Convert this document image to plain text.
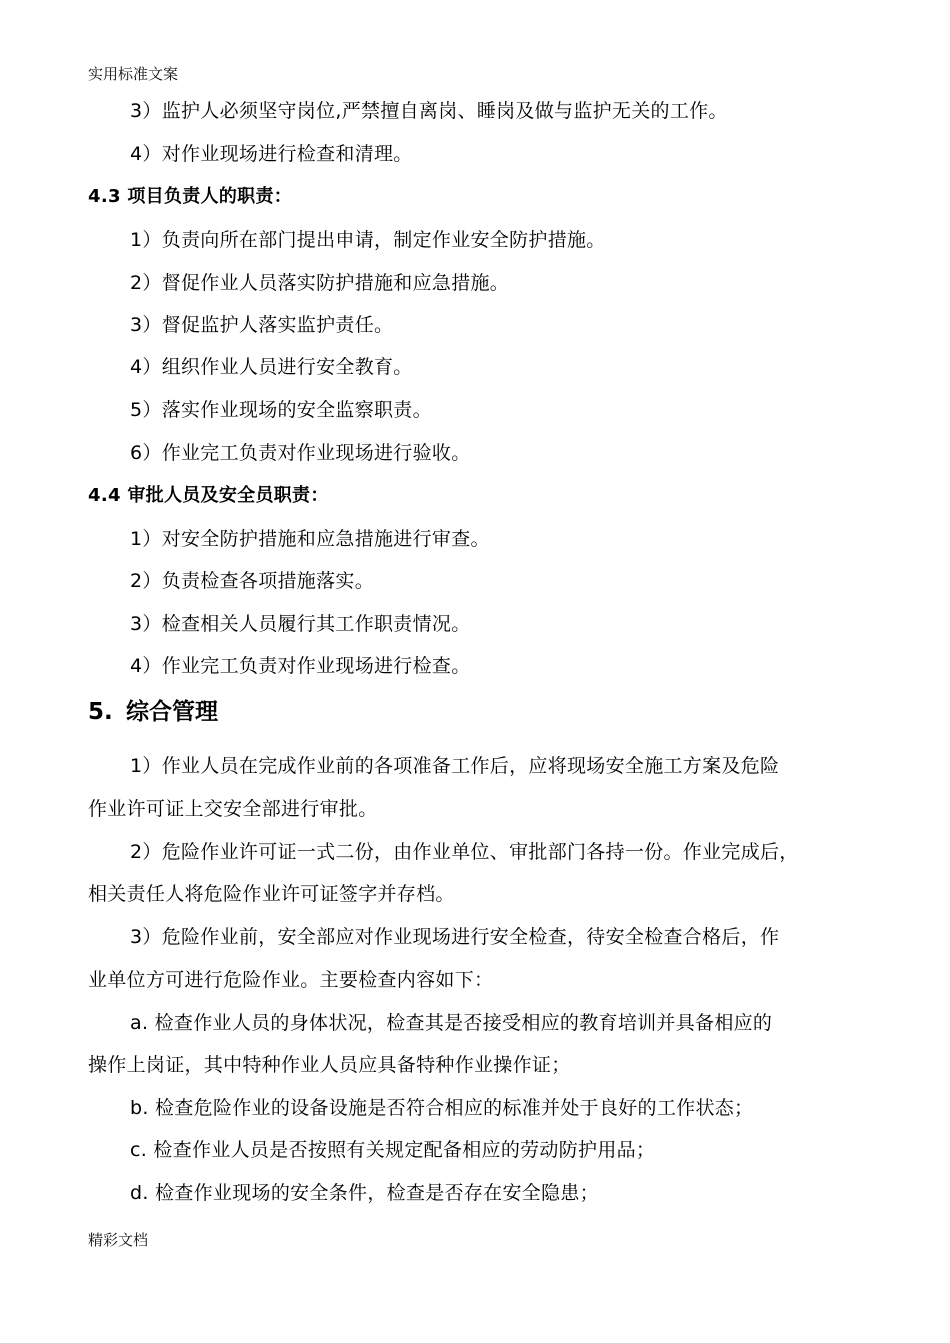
实用标准文案
3）监护人必须坚守岗位,严禁擅自离岗、睡岗及做与监护无关的工作。
4）对作业现场进行检查和清理。
4.3 项目负责人的职责：
1）负责向所在部门提出申请，制定作业安全防护措施。
2）督促作业人员落实防护措施和应急措施。
3）督促监护人落实监护责任。
4）组织作业人员进行安全教育。
5）落实作业现场的安全监察职责。
6）作业完工负责对作业现场进行验收。
4.4 审批人员及安全员职责：
1）对安全防护措施和应急措施进行审查。
2）负责检查各项措施落实。
3）检查相关人员履行其工作职责情况。
4）作业完工负责对作业现场进行检查。
5. 综合管理
1）作业人员在完成作业前的各项准备工作后，应将现场安全施工方案及危险
作业许可证上交安全部进行审批。
2）危险作业许可证一式二份，由作业单位、审批部门各持一份。作业完成后，
相关责任人将危险作业许可证签字并存档。
3）危险作业前，安全部应对作业现场进行安全检查，待安全检查合格后，作
业单位方可进行危险作业。主要检查内容如下：
a. 检查作业人员的身体状况，检查其是否接受相应的教育培训并具备相应的
操作上岗证，其中特种作业人员应具备特种作业操作证；
b. 检查危险作业的设备设施是否符合相应的标准并处于良好的工作状态；
c. 检查作业人员是否按照有关规定配备相应的劳动防护用品；
d. 检查作业现场的安全条件，检查是否存在安全隐患；
精彩文档
